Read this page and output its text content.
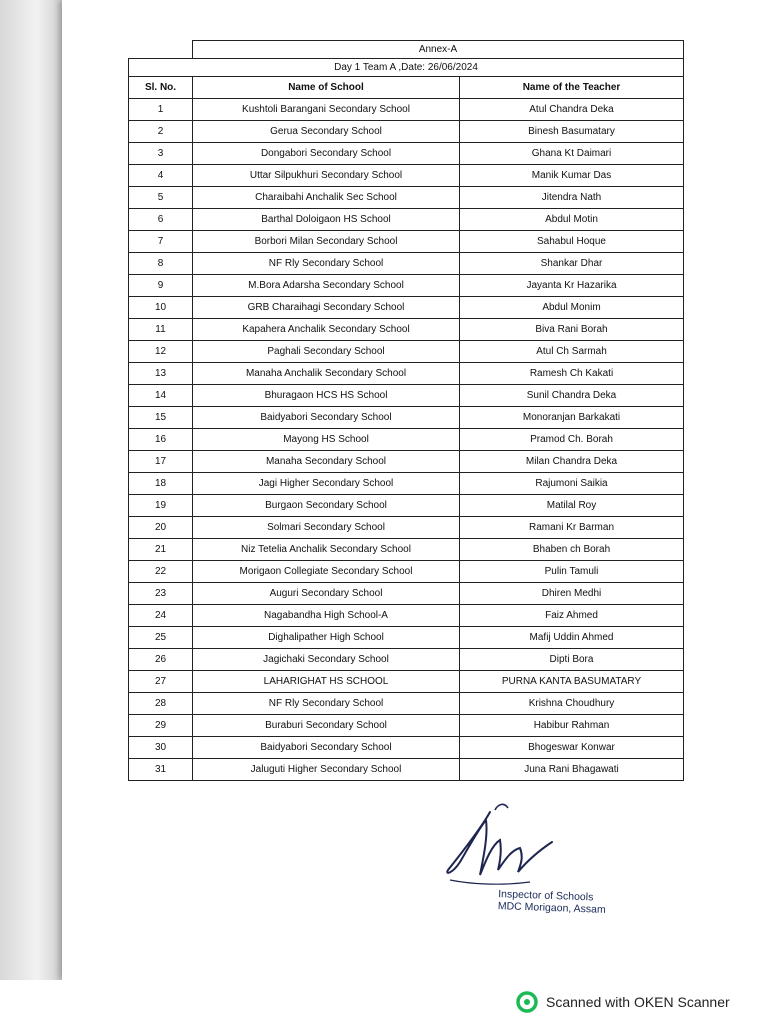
	Annex-A	
Day 1 Team A ,Date: 26/06/2024		
Sl. No.	Name of School	Name of the Teacher
1	Kushtoli Barangani Secondary School	Atul Chandra Deka
2	Gerua Secondary School	Binesh Basumatary
3	Dongabori Secondary School	Ghana Kt Daimari
4	Uttar Silpukhuri Secondary School	Manik Kumar Das
5	Charaibahi Anchalik Sec School	Jitendra Nath
6	Barthal Doloigaon HS School	Abdul Motin
7	Borbori Milan Secondary School	Sahabul Hoque
8	NF Rly Secondary School	Shankar Dhar
9	M.Bora Adarsha Secondary School	Jayanta Kr Hazarika
10	GRB Charaihagi Secondary School	Abdul Monim
11	Kapahera Anchalik Secondary School	Biva Rani Borah
12	Paghali Secondary School	Atul Ch Sarmah
13	Manaha Anchalik Secondary School	Ramesh Ch Kakati
14	Bhuragaon HCS HS School	Sunil Chandra Deka
15	Baidyabori Secondary School	Monoranjan Barkakati
16	Mayong HS School	Pramod Ch. Borah
17	Manaha Secondary School	Milan Chandra Deka
18	Jagi Higher Secondary School	Rajumoni Saikia
19	Burgaon Secondary School	Matilal Roy
20	Solmari Secondary School	Ramani Kr Barman
21	Niz Tetelia Anchalik Secondary School	Bhaben ch Borah
22	Morigaon Collegiate Secondary School	Pulin Tamuli
23	Auguri Secondary School	Dhiren Medhi
24	Nagabandha High School-A	Faiz Ahmed
25	Dighalipather High School	Mafij Uddin Ahmed
26	Jagichaki Secondary School	Dipti Bora
27	LAHARIGHAT HS SCHOOL	PURNA KANTA BASUMATARY
28	NF Rly Secondary School	Krishna Choudhury
29	Buraburi Secondary School	Habibur Rahman
30	Baidyabori Secondary School	Bhogeswar Konwar
31	Jaluguti Higher Secondary School	Juna Rani Bhagawati
Inspector of Schools
MDC Morigaon, Assam
Scanned with OKEN Scanner
